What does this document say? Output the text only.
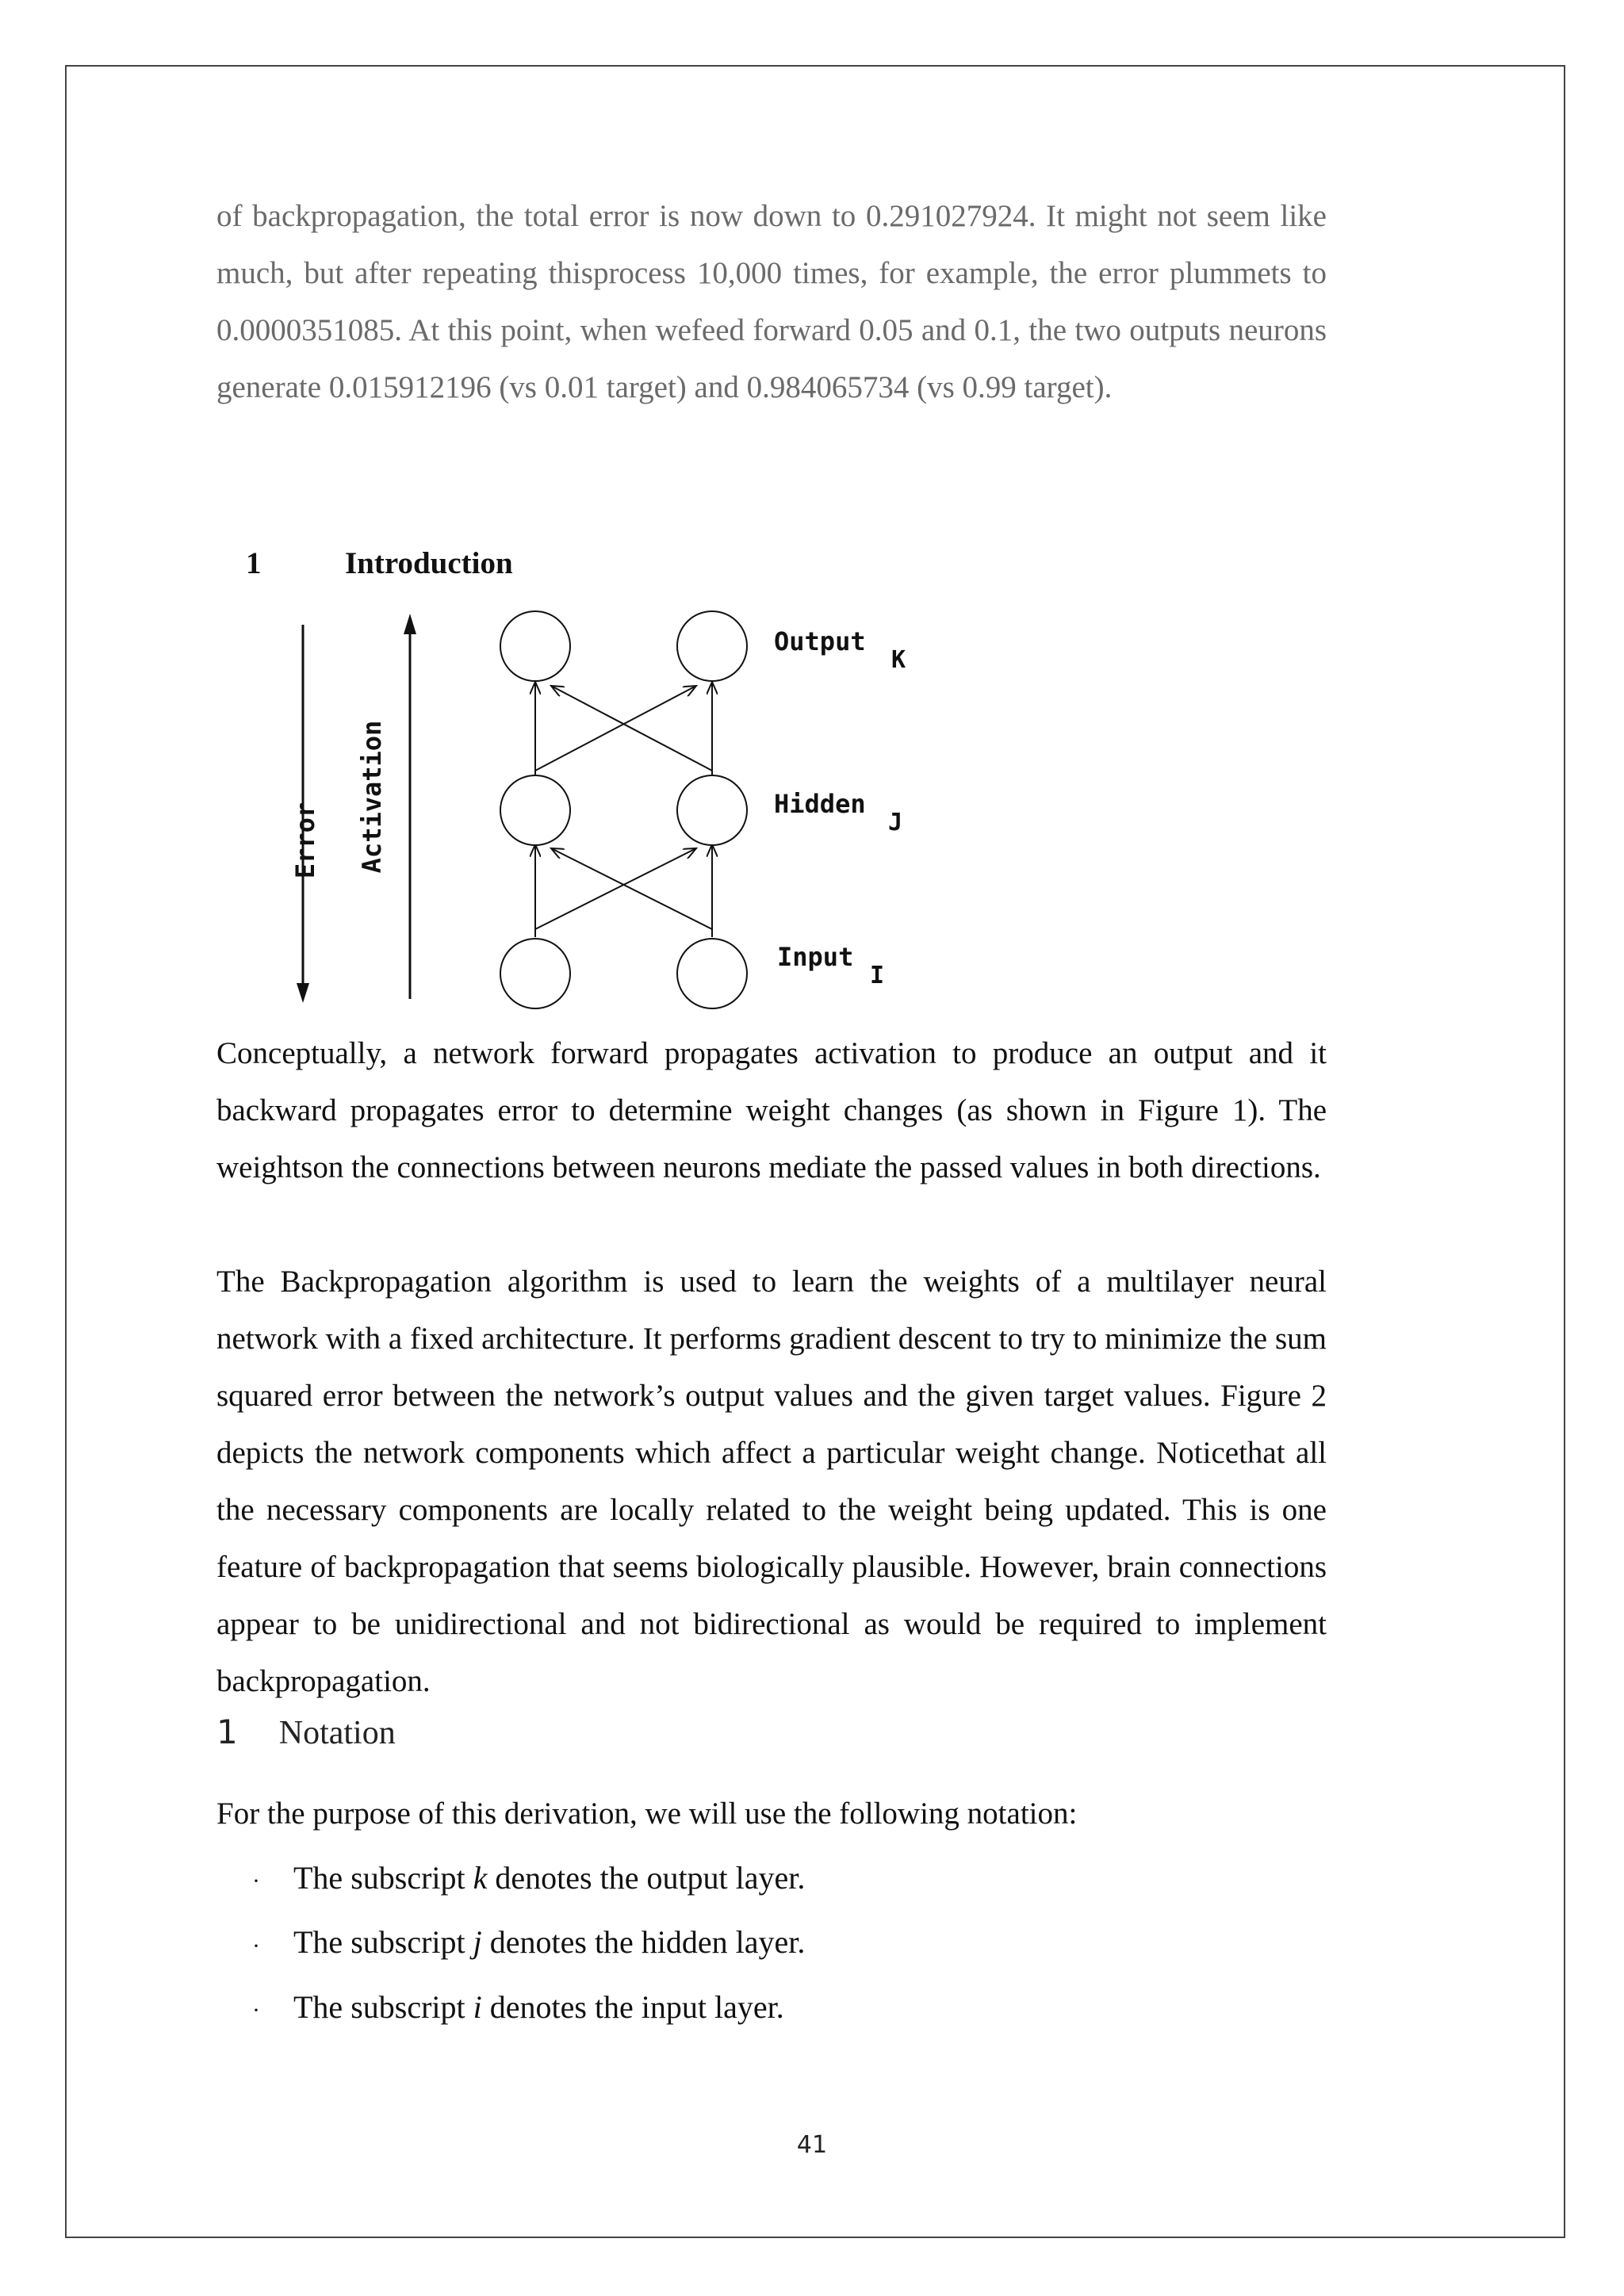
of backpropagation, the total error is now down to 0.291027924. It might not seem like much, but after repeating thisprocess 10,000 times, for example, the error plummets to 0.0000351085. At this point, when wefeed forward 0.05 and 0.1, the two outputs neurons generate 0.015912196 (vs 0.01 target) and 0.984065734 (vs 0.99 target).

1	Introduction
Error Activation
Output
K
Hidden
J
Input
I

Conceptually, a network forward propagates activation to produce an output and it backward propagates error to determine weight changes (as shown in Figure 1). The weightson the connections between neurons mediate the passed values in both directions.

The Backpropagation algorithm is used to learn the weights of a multilayer neural network with a fixed architecture. It performs gradient descent to try to minimize the sum squared error between the network’s output values and the given target values. Figure 2 depicts the network components which affect a particular weight change. Noticethat all the necessary components are locally related to the weight being updated. This is one feature of backpropagation that seems biologically plausible. However, brain connections appear to be unidirectional and not bidirectional as would be required to implement backpropagation.

1 Notation

For the purpose of this derivation, we will use the following notation:

· The subscript k denotes the output layer.
· The subscript j denotes the hidden layer.
· The subscript i denotes the input layer.
41
